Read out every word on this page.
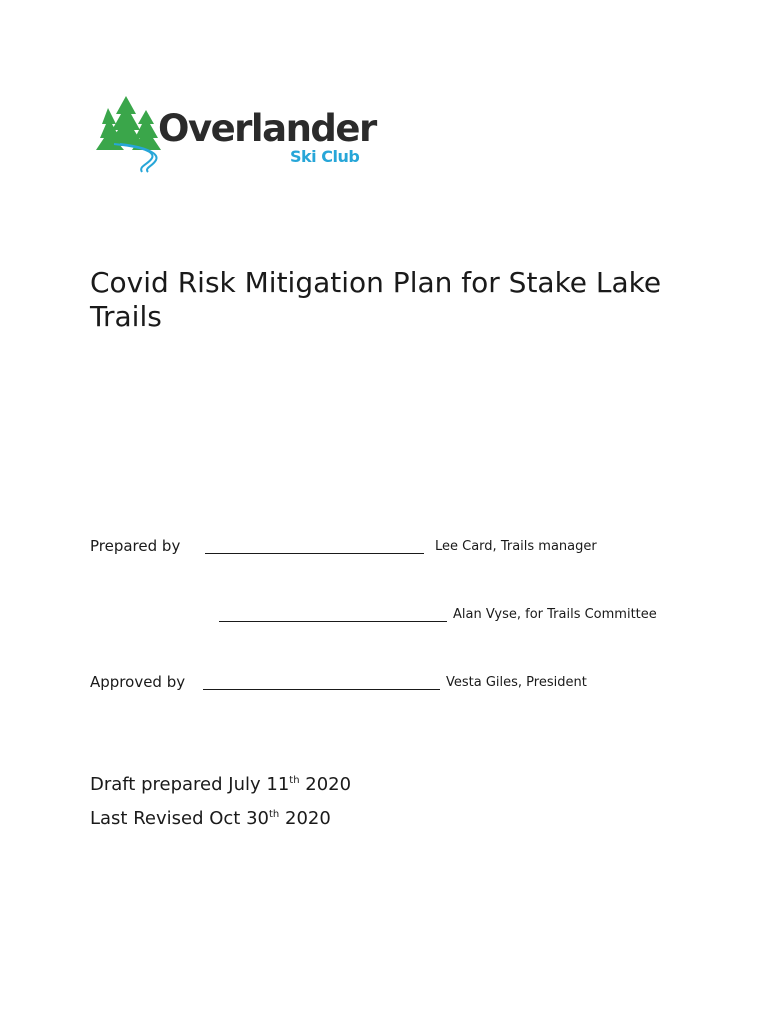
Overlander
Ski Club
Covid Risk Mitigation Plan for Stake Lake Trails
Prepared by	Lee Card, Trails manager
Alan Vyse, for Trails Committee
Approved by	Vesta Giles, President
Draft prepared July 11th 2020
Last Revised Oct 30th 2020
